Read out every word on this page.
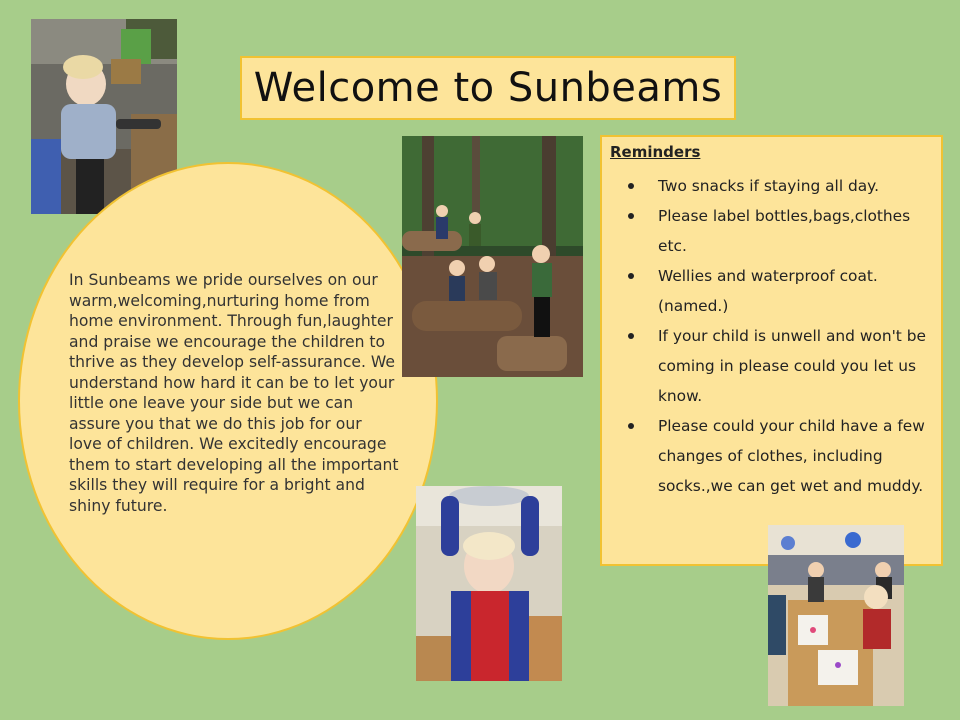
Welcome to Sunbeams
In Sunbeams we pride ourselves on our warm,welcoming,nurturing home from home environment. Through fun,laughter and praise we encourage the children to thrive as they develop self-assurance. We understand how hard it can be to let your little one leave your side but we can assure you that we do this job for our love of children. We excitedly encourage them to start developing all the important skills they will require for a bright and shiny future.
Reminders
Two snacks if staying all day.
Please label bottles,bags,clothes etc.
Wellies and waterproof coat. (named.)
If your child is unwell and won't be coming in please could you let us know.
Please could your child have a few changes of clothes, including socks.,we can get wet and muddy.
